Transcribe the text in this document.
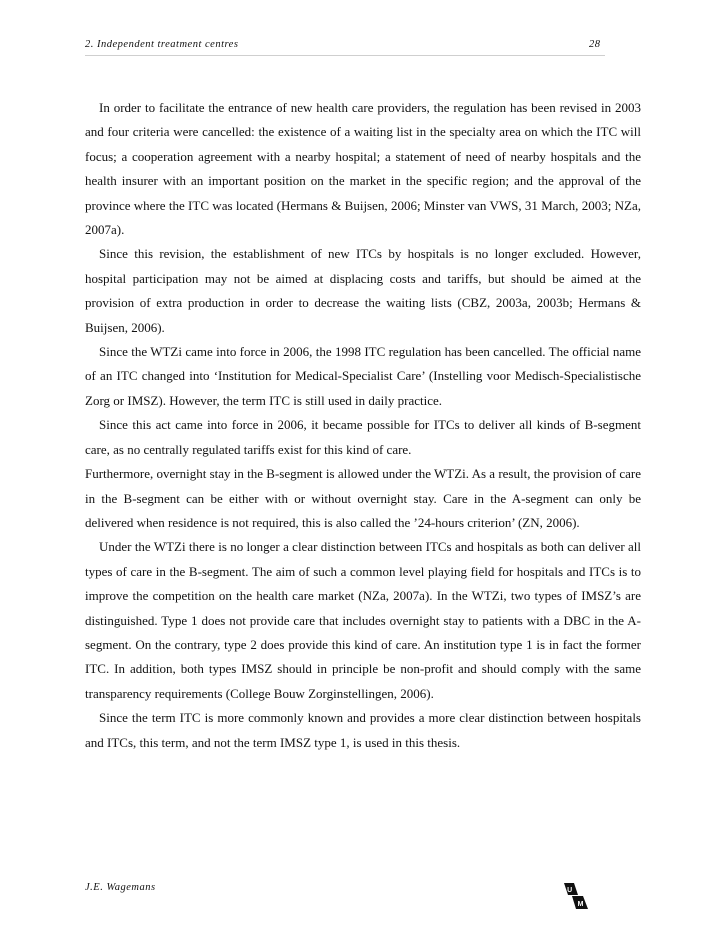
2. Independent treatment centres	28

In order to facilitate the entrance of new health care providers, the regulation has been revised in 2003 and four criteria were cancelled: the existence of a waiting list in the specialty area on which the ITC will focus; a cooperation agreement with a nearby hospital; a statement of need of nearby hospitals and the health insurer with an important position on the market in the specific region; and the approval of the province where the ITC was located (Hermans & Buijsen, 2006; Minster van VWS, 31 March, 2003; NZa, 2007a).

Since this revision, the establishment of new ITCs by hospitals is no longer excluded. However, hospital participation may not be aimed at displacing costs and tariffs, but should be aimed at the provision of extra production in order to decrease the waiting lists (CBZ, 2003a, 2003b; Hermans & Buijsen, 2006).

Since the WTZi came into force in 2006, the 1998 ITC regulation has been cancelled. The official name of an ITC changed into ‘Institution for Medical-Specialist Care’ (Instelling voor Medisch-Specialistische Zorg or IMSZ). However, the term ITC is still used in daily practice.

Since this act came into force in 2006, it became possible for ITCs to deliver all kinds of B-segment care, as no centrally regulated tariffs exist for this kind of care.

Furthermore, overnight stay in the B-segment is allowed under the WTZi. As a result, the provision of care in the B-segment can be either with or without overnight stay. Care in the A-segment can only be delivered when residence is not required, this is also called the ’24-hours criterion’ (ZN, 2006).

Under the WTZi there is no longer a clear distinction between ITCs and hospitals as both can deliver all types of care in the B-segment. The aim of such a common level playing field for hospitals and ITCs is to improve the competition on the health care market (NZa, 2007a). In the WTZi, two types of IMSZ’s are distinguished. Type 1 does not provide care that includes overnight stay to patients with a DBC in the A-segment. On the contrary, type 2 does provide this kind of care. An institution type 1 is in fact the former ITC. In addition, both types IMSZ should in principle be non-profit and should comply with the same transparency requirements (College Bouw Zorginstellingen, 2006).

Since the term ITC is more commonly known and provides a more clear distinction between hospitals and ITCs, this term, and not the term IMSZ type 1, is used in this thesis.

J.E. Wagemans	U
M
